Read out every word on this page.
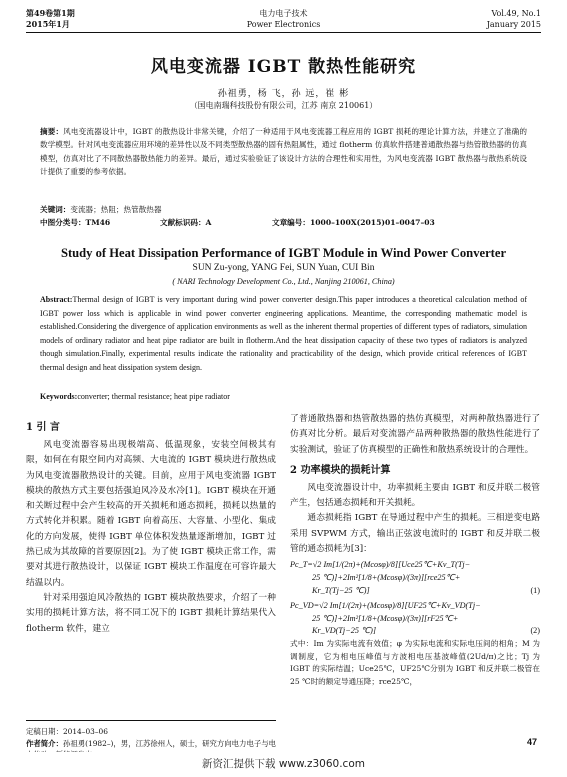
第49卷第1期
2015年1月
电力电子技术
Power Electronics
Vol.49, No.1
January 2015
风电变流器 IGBT 散热性能研究
孙祖勇，杨 飞，孙 远，崔 彬
（国电南瑞科技股份有限公司，江苏 南京 210061）
摘要：风电变流器设计中，IGBT 的散热设计非常关键，介绍了一种适用于风电变流器工程应用的 IGBT 损耗的理论计算方法，并建立了准确的数学模型。针对风电变流器应用环境的差异性以及不同类型散热器的固有热阻属性，通过 flotherm 仿真软件搭建普通散热器与热管散热器的仿真模型，仿真对比了不同散热器散热能力的差异。最后，通过实验验证了该设计方法的合理性和实用性，为风电变流器 IGBT 散热器与散热系统设计提供了重要的参考依据。
关键词：变流器；热阻；热管散热器
中图分类号：TM46	文献标识码：A	文章编号：1000–100X(2015)01–0047–03
Study of Heat Dissipation Performance of IGBT Module in Wind Power Converter
SUN Zu-yong, YANG Fei, SUN Yuan, CUI Bin
( NARI Technology Development Co., Ltd., Nanjing 210061, China)
Abstract:Thermal design of IGBT is very important during wind power converter design.This paper introduces a theoretical calculation method of IGBT power loss which is applicable in wind power converter engineering applications. Meantime, the corresponding mathematic model is established.Considering the divergence of application environments as well as the inherent thermal properties of different types of radiators, simulation models of ordinary radiator and heat pipe radiator are built in flotherm.And the heat dissipation capacity of these two types of radiators is analyzed though simulation.Finally, experimental results indicate the rationality and practicability of the design, which provide critical references of IGBT thermal design and heat dissipation system design.
Keywords:converter; thermal resistance; heat pipe radiator

1 引 言

风电变流器容易出现极端高、低温现象，安装空间极其有限，如何在有限空间内对高频、大电流的 IGBT 模块进行散热成为风电变流器散热设计的关键。目前，应用于风电变流器 IGBT 模块的散热方式主要包括强迫风冷及水冷[1]。IGBT 模块在开通和关断过程中会产生较高的开关损耗和通态损耗，损耗以热量的方式转化并积累。随着 IGBT 向着高压、大容量、小型化、集成化的方向发展，使得 IGBT 单位体积发热量逐渐增加，IGBT 过热已成为其故障的首要原因[2]。为了使 IGBT 模块正常工作，需要对其进行散热设计，以保证 IGBT 模块工作温度在可容许最大结温以内。

针对采用强迫风冷散热的 IGBT 模块散热要求，介绍了一种实用的损耗计算方法，将不同工况下的 IGBT 损耗计算结果代入 flotherm 软件，建立

了普通散热器和热管散热器的热仿真模型，对两种散热器进行了仿真对比分析。最后对变流器产品两种散热器的散热性能进行了实验测试，验证了仿真模型的正确性和散热系统设计的合理性。

2 功率模块的损耗计算

风电变流器设计中，功率损耗主要由 IGBT 和反并联二极管产生，包括通态损耗和开关损耗。

通态损耗指 IGBT 在导通过程中产生的损耗。三相逆变电路采用 SVPWM 方式，输出正弦波电流时的 IGBT 和反并联二极管的通态损耗为[3]：

Pc_T=√2 Im[1/(2π)+(Mcosφ)/8][Uce25℃+Kv_T(Tj−

25 ℃)]+2Im²[1/8+(Mcosφ)/(3π)][rce25℃+

Kr_T(Tj−25 ℃)]	(1)

Pc_VD=√2 Im[1/(2π)+(Mcosφ)/8][UF25℃+Kv_VD(Tj−

25 ℃)]+2Im²[1/8+(Mcosφ)/(3π)][rF25℃+

Kr_VD(Tj−25 ℃)]	(2)

式中：Im 为实际电流有效值；φ 为实际电流和实际电压间的相角；M 为调制度，它为相电压峰值与方波相电压基波峰值(2Ud/π)之比；Tj 为 IGBT 的实际结温；Uce25℃，UF25℃分别为 IGBT 和反并联二极管在 25 ℃时的额定导通压降；rce25℃，

定稿日期：2014–03–06
作者简介：孙祖勇(1982–)，男，江苏徐州人，硕士，研究方向电力电子与电	47
新资汇提供下载 www.z3060.com
